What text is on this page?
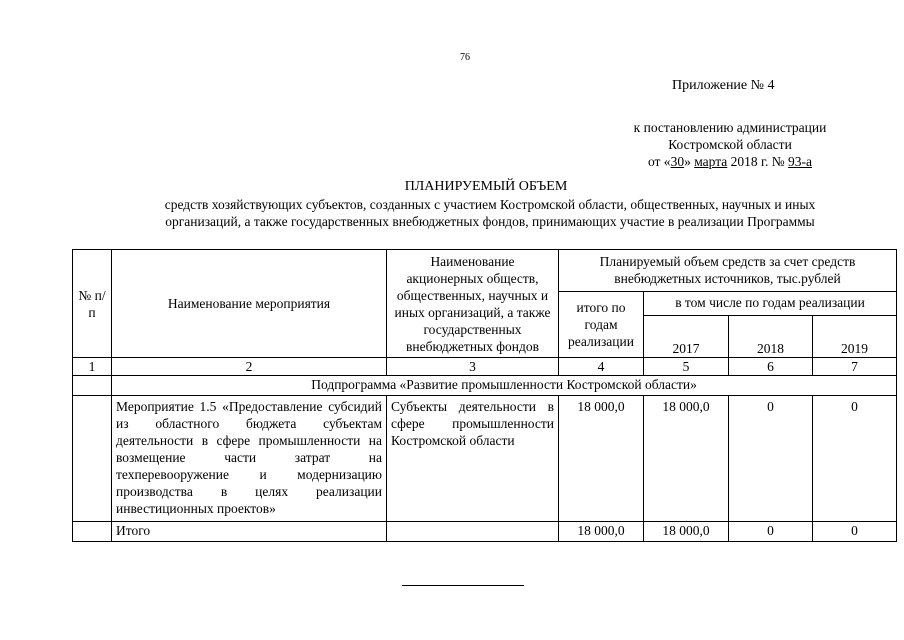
76
Приложение № 4
к постановлению администрации
Костромской области
от «30» марта 2018 г. № 93-а
ПЛАНИРУЕМЫЙ ОБЪЕМ
средств хозяйствующих субъектов, созданных с участием Костромской области, общественных, научных и иных
организаций, а также государственных внебюджетных фондов, принимающих участие в реализации Программы
№ п/п	Наименование мероприятия	Наименование акционерных обществ, общественных, научных и иных организаций, а также государственных внебюджетных фондов	Планируемый объем средств за счет средств внебюджетных источников, тыс.рублей			
			итого по годам реализации	в том числе по годам реализации		
				2017	2018	2019
1	2	3	4	5	6	7
	Подпрограмма «Развитие промышленности Костромской области»					
	Мероприятие 1.5 «Предоставление субсидий из областного бюджета субъектам деятельности в сфере промышленности на возмещение части затрат на техперевооружение и модернизацию производства в целях реализации инвестиционных проектов»	Субъекты деятельности в сфере промышленности Костромской области	18 000,0	18 000,0	0	0
	Итого		18 000,0	18 000,0	0	0
